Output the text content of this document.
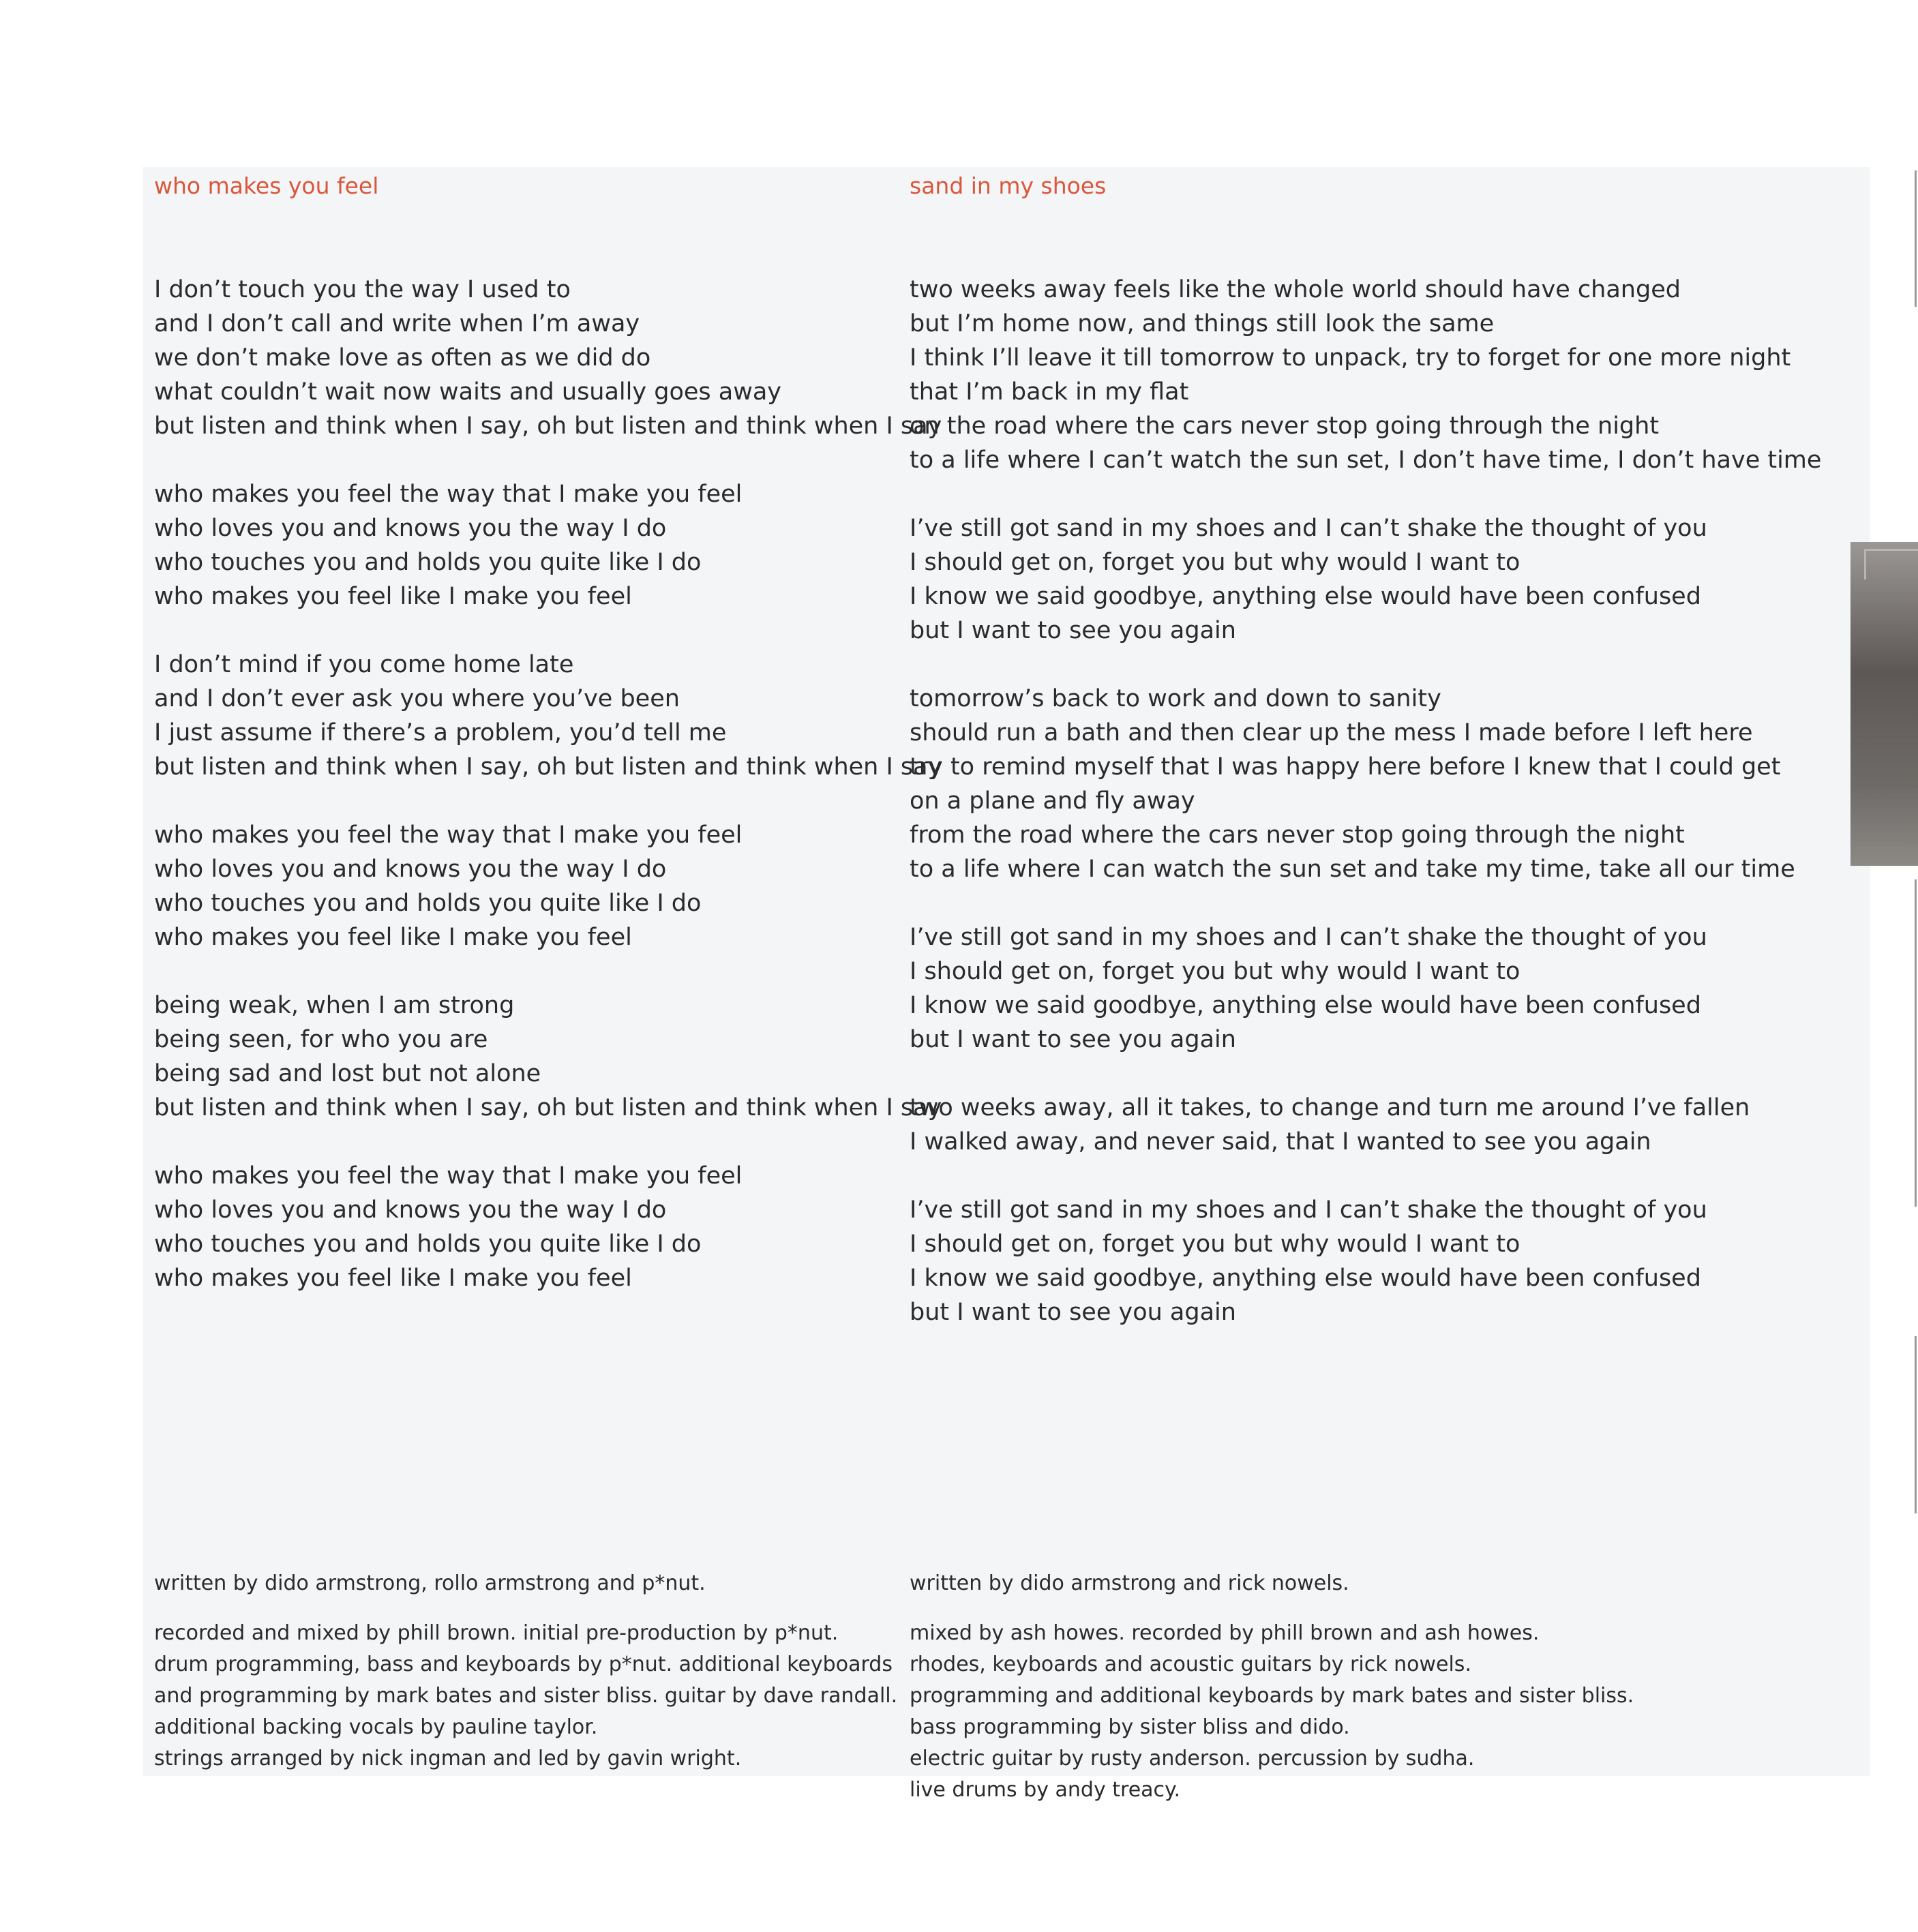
who makes you feel
I don’t touch you the way I used to
and I don’t call and write when I’m away
we don’t make love as often as we did do
what couldn’t wait now waits and usually goes away
but listen and think when I say, oh but listen and think when I say
who makes you feel the way that I make you feel
who loves you and knows you the way I do
who touches you and holds you quite like I do
who makes you feel like I make you feel
I don’t mind if you come home late
and I don’t ever ask you where you’ve been
I just assume if there’s a problem, you’d tell me
but listen and think when I say, oh but listen and think when I say
who makes you feel the way that I make you feel
who loves you and knows you the way I do
who touches you and holds you quite like I do
who makes you feel like I make you feel
being weak, when I am strong
being seen, for who you are
being sad and lost but not alone
but listen and think when I say, oh but listen and think when I say
who makes you feel the way that I make you feel
who loves you and knows you the way I do
who touches you and holds you quite like I do
who makes you feel like I make you feel
written by dido armstrong, rollo armstrong and p*nut.
recorded and mixed by phill brown. initial pre-production by p*nut.
drum programming, bass and keyboards by p*nut. additional keyboards
and programming by mark bates and sister bliss. guitar by dave randall.
additional backing vocals by pauline taylor.
strings arranged by nick ingman and led by gavin wright.
sand in my shoes
two weeks away feels like the whole world should have changed
but I’m home now, and things still look the same
I think I’ll leave it till tomorrow to unpack, try to forget for one more night
that I’m back in my flat
on the road where the cars never stop going through the night
to a life where I can’t watch the sun set, I don’t have time, I don’t have time
I’ve still got sand in my shoes and I can’t shake the thought of you
I should get on, forget you but why would I want to
I know we said goodbye, anything else would have been confused
but I want to see you again
tomorrow’s back to work and down to sanity
should run a bath and then clear up the mess I made before I left here
try to remind myself that I was happy here before I knew that I could get
on a plane and fly away
from the road where the cars never stop going through the night
to a life where I can watch the sun set and take my time, take all our time
I’ve still got sand in my shoes and I can’t shake the thought of you
I should get on, forget you but why would I want to
I know we said goodbye, anything else would have been confused
but I want to see you again
two weeks away, all it takes, to change and turn me around I’ve fallen
I walked away, and never said, that I wanted to see you again
I’ve still got sand in my shoes and I can’t shake the thought of you
I should get on, forget you but why would I want to
I know we said goodbye, anything else would have been confused
but I want to see you again
written by dido armstrong and rick nowels.
mixed by ash howes. recorded by phill brown and ash howes.
rhodes, keyboards and acoustic guitars by rick nowels.
programming and additional keyboards by mark bates and sister bliss.
bass programming by sister bliss and dido.
electric guitar by rusty anderson. percussion by sudha.
live drums by andy treacy.
